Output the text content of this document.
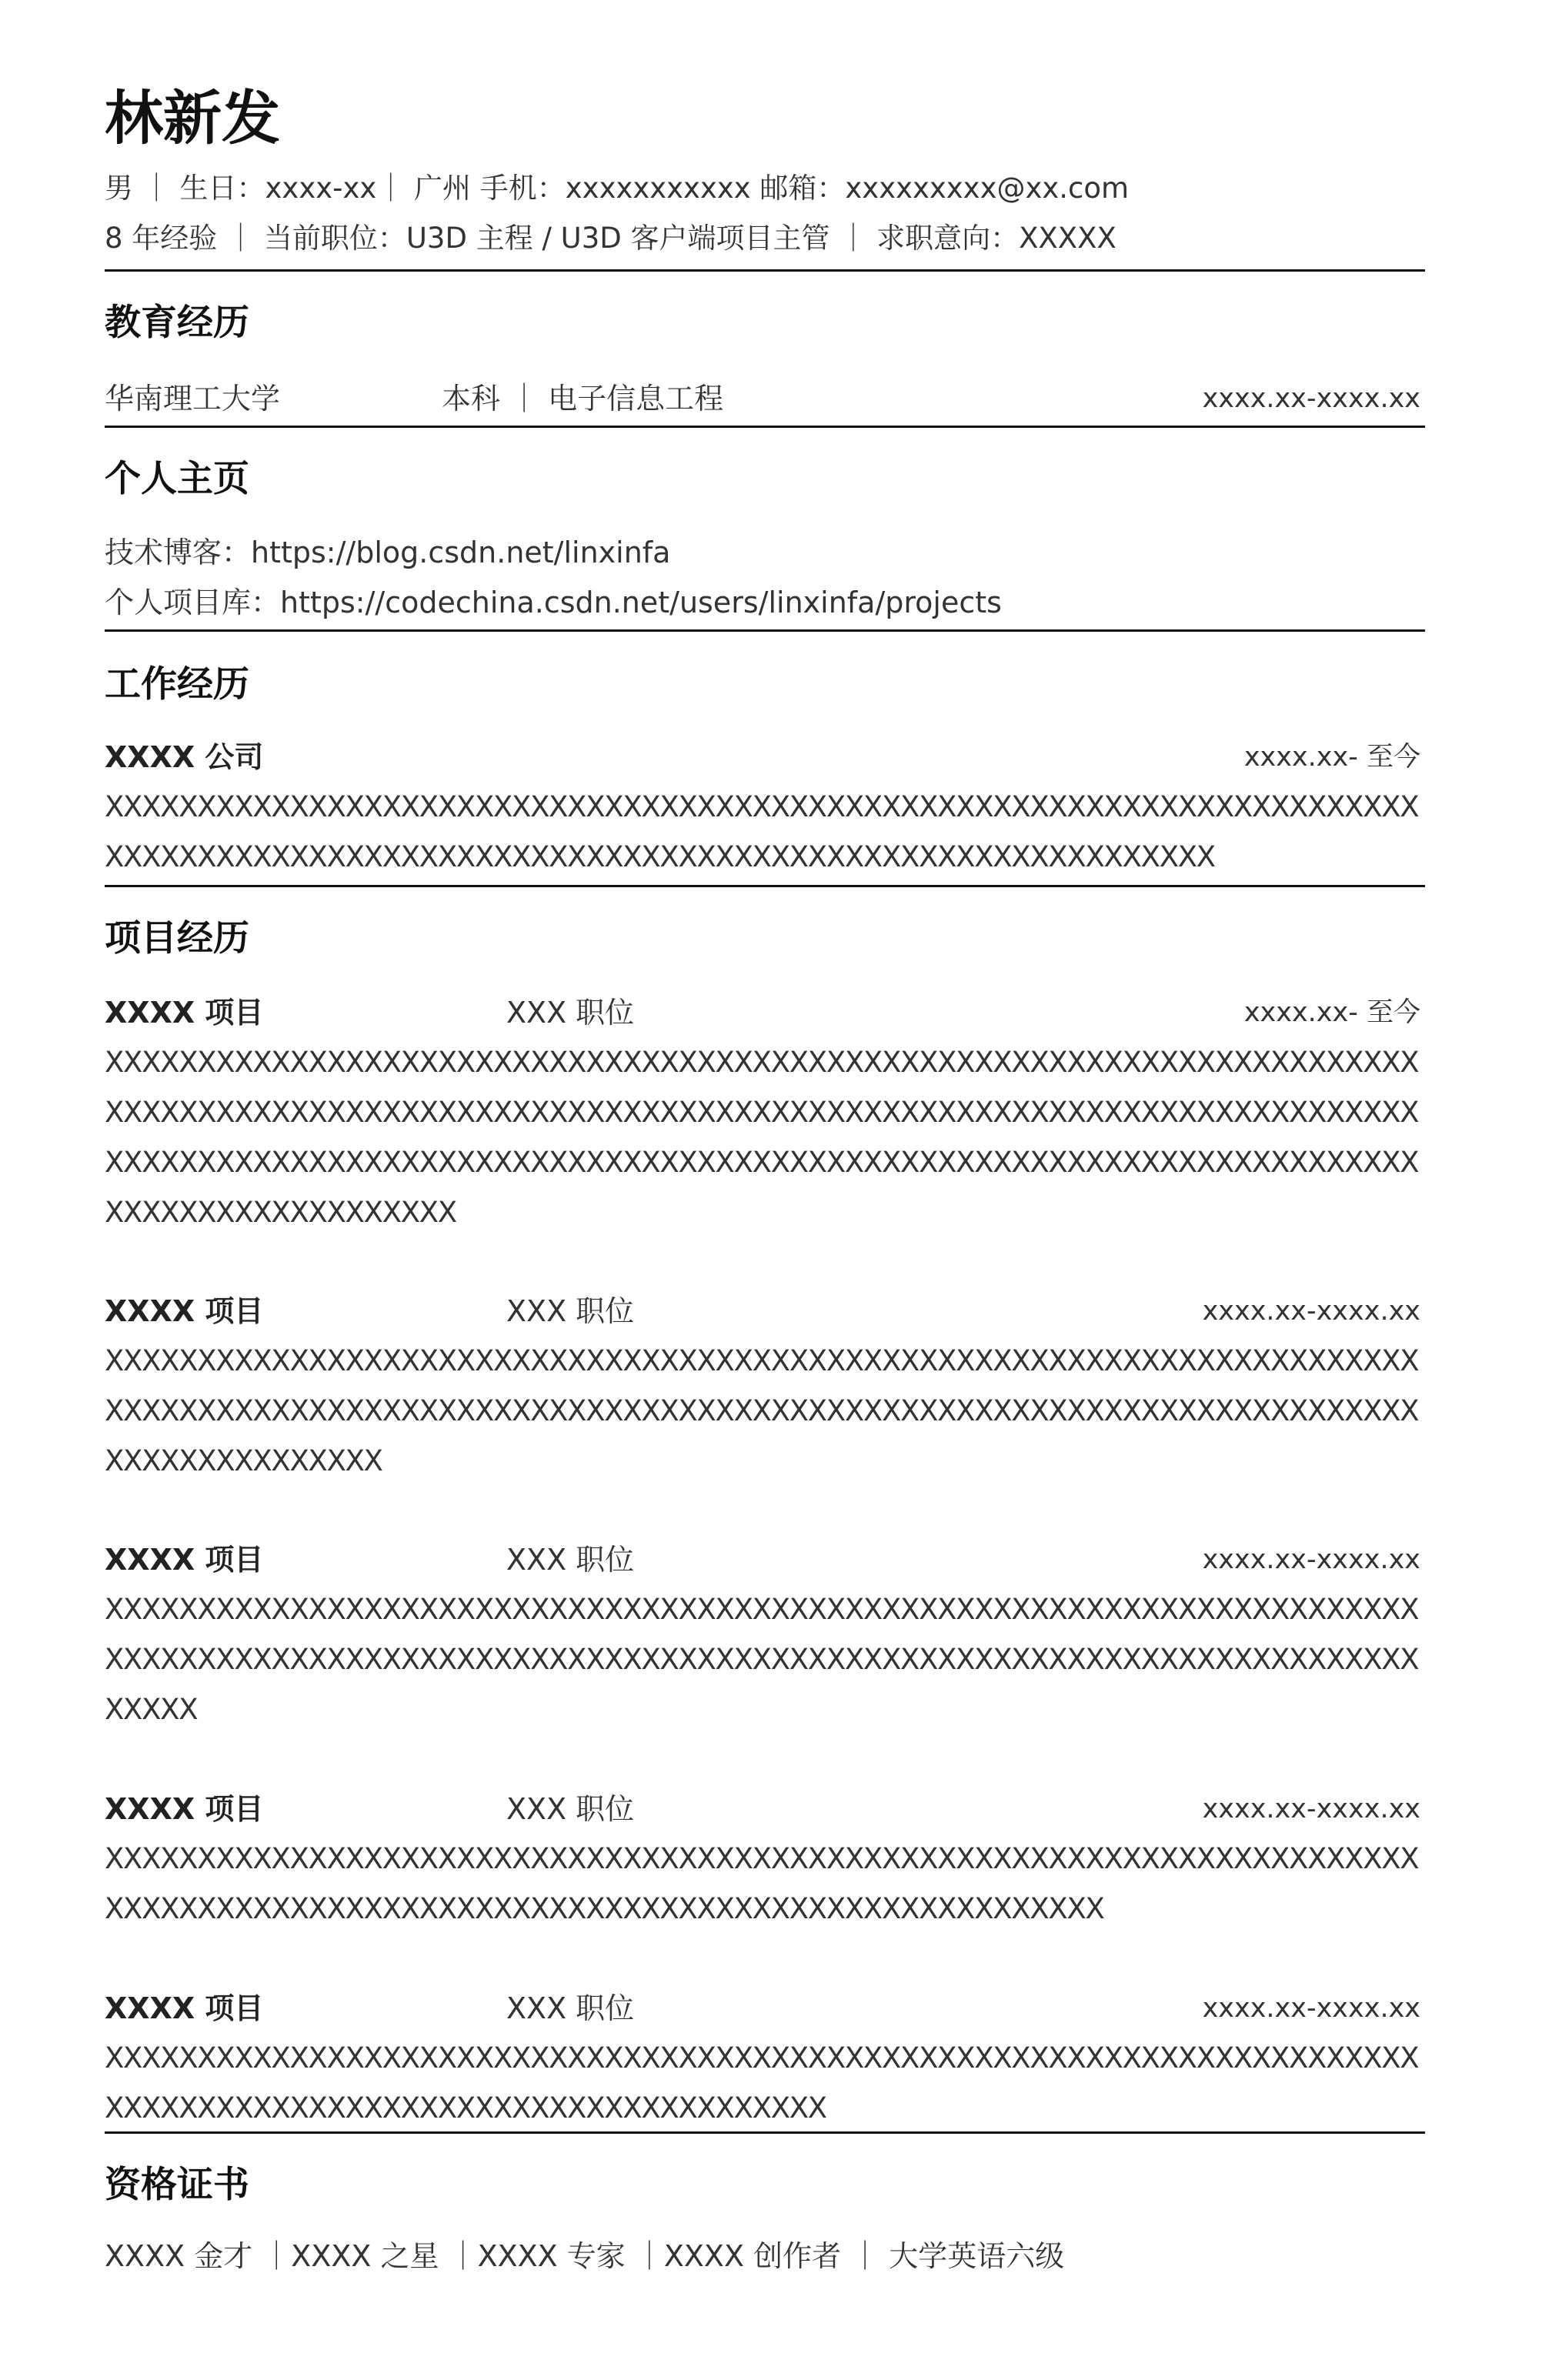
林新发
男 ｜ 生日：xxxx-xx｜ 广州 手机：xxxxxxxxxxx 邮箱：xxxxxxxxx@xx.com
8 年经验 ｜ 当前职位：U3D 主程 / U3D 客户端项目主管 ｜ 求职意向：XXXXX
教育经历
华南理工大学	本科 ｜ 电子信息工程	xxxx.xx-xxxx.xx
个人主页
技术博客：https://blog.csdn.net/linxinfa
个人项目库：https://codechina.csdn.net/users/linxinfa/projects
工作经历
XXXX 公司	xxxx.xx- 至今
XXXXXXXXXXXXXXXXXXXXXXXXXXXXXXXXXXXXXXXXXXXXXXXXXXXXXXXXXXXXXXXXXXXXXXXXXXXXXXXXXXXXXXXXXXXXXXXXXXXXXXXXXXXXXXXXXXXXXXXXXXXXXXXXXXX
项目经历
XXXX 项目	XXX 职位	xxxx.xx- 至今
XXXXXXXXXXXXXXXXXXXXXXXXXXXXXXXXXXXXXXXXXXXXXXXXXXXXXXXXXXXXXXXXXXXXXXXXXXXXXXXXXXXXXXXXXXXXXXXXXXXXXXXXXXXXXXXXXXXXXXXXXXXXXXXXXXXXXXXXXXXXXXXXXXXXXXXXXXXXXXXXXXXXXXXXXXXXXXXXXXXXXXXXXXXXXXXXXXXXXXXXXXXXXXXXXXXXXXXXXXXXXXXXXXXXXXXX
XXXX 项目	XXX 职位	xxxx.xx-xxxx.xx
XXXXXXXXXXXXXXXXXXXXXXXXXXXXXXXXXXXXXXXXXXXXXXXXXXXXXXXXXXXXXXXXXXXXXXXXXXXXXXXXXXXXXXXXXXXXXXXXXXXXXXXXXXXXXXXXXXXXXXXXXXXXXXXXXXXXXXXXXXXXXXXXXXXXXXXXXXXXX
XXXX 项目	XXX 职位	xxxx.xx-xxxx.xx
XXXXXXXXXXXXXXXXXXXXXXXXXXXXXXXXXXXXXXXXXXXXXXXXXXXXXXXXXXXXXXXXXXXXXXXXXXXXXXXXXXXXXXXXXXXXXXXXXXXXXXXXXXXXXXXXXXXXXXXXXXXXXXXXXXXXXXXXXXXXXXXXXXX
XXXX 项目	XXX 职位	xxxx.xx-xxxx.xx
XXXXXXXXXXXXXXXXXXXXXXXXXXXXXXXXXXXXXXXXXXXXXXXXXXXXXXXXXXXXXXXXXXXXXXXXXXXXXXXXXXXXXXXXXXXXXXXXXXXXXXXXXXXXXXXXXXXXXXXXXXXXX
XXXX 项目	XXX 职位	xxxx.xx-xxxx.xx
XXXXXXXXXXXXXXXXXXXXXXXXXXXXXXXXXXXXXXXXXXXXXXXXXXXXXXXXXXXXXXXXXXXXXXXXXXXXXXXXXXXXXXXXXXXXXXXXXXXXXXXXXXXXXX
资格证书
XXXX 金才 ｜XXXX 之星 ｜XXXX 专家 ｜XXXX 创作者 ｜ 大学英语六级
